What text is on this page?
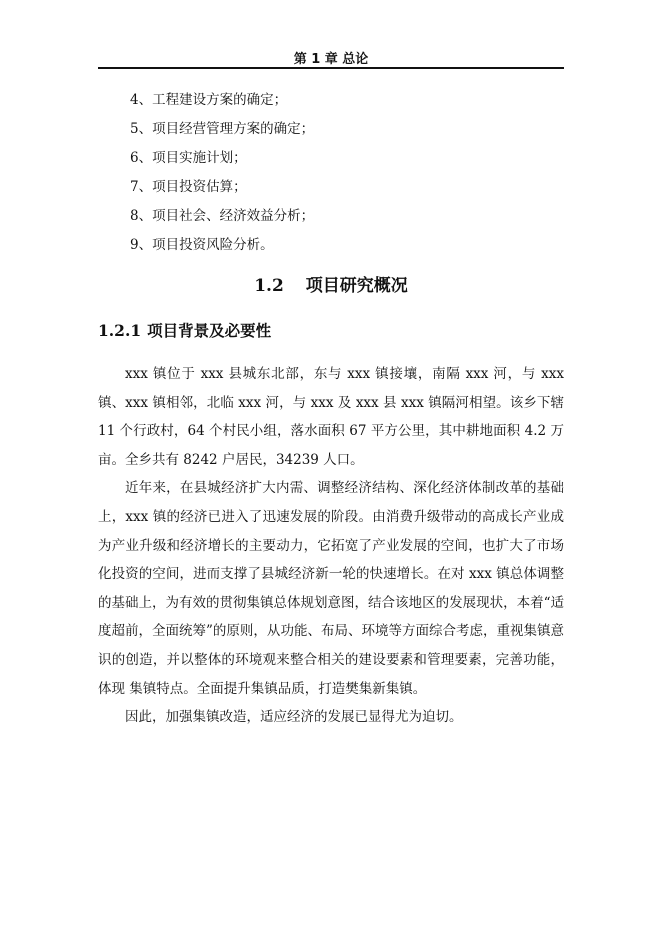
第 1 章 总论
4、工程建设方案的确定；
5、项目经营管理方案的确定；
6、项目实施计划；
7、项目投资估算；
8、项目社会、经济效益分析；
9、项目投资风险分析。
1.2 项目研究概况
1.2.1 项目背景及必要性

xxx 镇位于 xxx 县城东北部，东与 xxx 镇接壤，南隔 xxx 河，与 xxx 镇、xxx 镇相邻，北临 xxx 河，与 xxx 及 xxx 县 xxx 镇隔河相望。该乡下辖 11 个行政村，64 个村民小组，落水面积 67 平方公里，其中耕地面积 4.2 万亩。全乡共有 8242 户居民，34239 人口。

近年来，在县城经济扩大内需、调整经济结构、深化经济体制改革的基础上，xxx 镇的经济已进入了迅速发展的阶段。由消费升级带动的高成长产业成为产业升级和经济增长的主要动力，它拓宽了产业发展的空间，也扩大了市场化投资的空间，进而支撑了县城经济新一轮的快速增长。在对 xxx 镇总体调整的基础上，为有效的贯彻集镇总体规划意图，结合该地区的发展现状，本着“适度超前，全面统筹”的原则，从功能、布局、环境等方面综合考虑，重视集镇意识的创造，并以整体的环境观来整合相关的建设要素和管理要素，完善功能，体现 集镇特点。全面提升集镇品质，打造樊集新集镇。

因此，加强集镇改造，适应经济的发展已显得尤为迫切。
